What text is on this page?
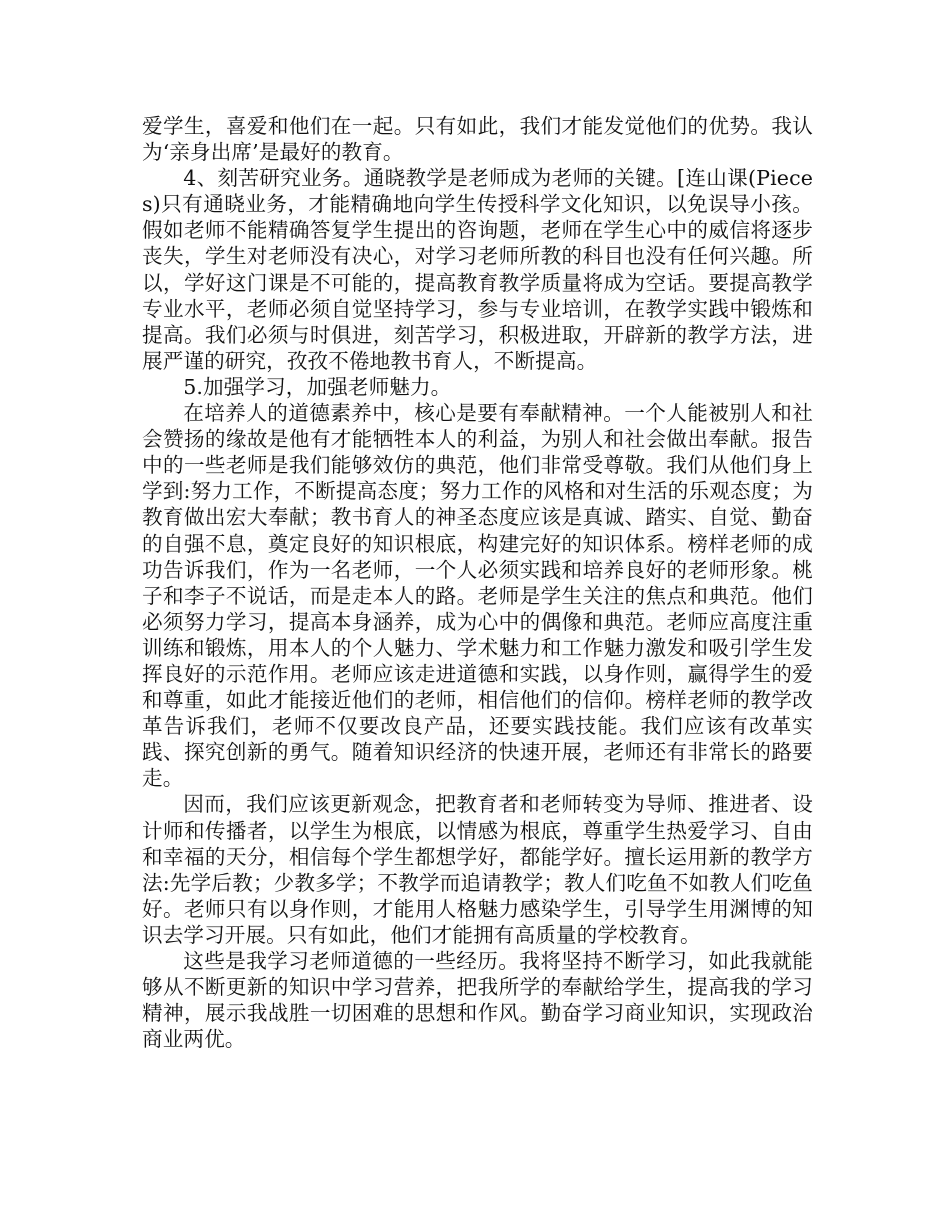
爱学生，喜爱和他们在一起。只有如此，我们才能发觉他们的优势。我认为‘亲身出席’是最好的教育。

4、刻苦研究业务。通晓教学是老师成为老师的关键。[连山课(Pieces)只有通晓业务，才能精确地向学生传授科学文化知识，以免误导小孩。假如老师不能精确答复学生提出的咨询题，老师在学生心中的威信将逐步丧失，学生对老师没有决心，对学习老师所教的科目也没有任何兴趣。所以，学好这门课是不可能的，提高教育教学质量将成为空话。要提高教学专业水平，老师必须自觉坚持学习，参与专业培训，在教学实践中锻炼和提高。我们必须与时俱进，刻苦学习，积极进取，开辟新的教学方法，进展严谨的研究，孜孜不倦地教书育人，不断提高。

5.加强学习，加强老师魅力。

在培养人的道德素养中，核心是要有奉献精神。一个人能被别人和社会赞扬的缘故是他有才能牺牲本人的利益，为别人和社会做出奉献。报告中的一些老师是我们能够效仿的典范，他们非常受尊敬。我们从他们身上学到:努力工作，不断提高态度；努力工作的风格和对生活的乐观态度；为教育做出宏大奉献；教书育人的神圣态度应该是真诚、踏实、自觉、勤奋的自强不息，奠定良好的知识根底，构建完好的知识体系。榜样老师的成功告诉我们，作为一名老师，一个人必须实践和培养良好的老师形象。桃子和李子不说话，而是走本人的路。老师是学生关注的焦点和典范。他们必须努力学习，提高本身涵养，成为心中的偶像和典范。老师应高度注重训练和锻炼，用本人的个人魅力、学术魅力和工作魅力激发和吸引学生发挥良好的示范作用。老师应该走进道德和实践，以身作则，赢得学生的爱和尊重，如此才能接近他们的老师，相信他们的信仰。榜样老师的教学改革告诉我们，老师不仅要改良产品，还要实践技能。我们应该有改革实践、探究创新的勇气。随着知识经济的快速开展，老师还有非常长的路要走。

因而，我们应该更新观念，把教育者和老师转变为导师、推进者、设计师和传播者，以学生为根底，以情感为根底，尊重学生热爱学习、自由和幸福的天分，相信每个学生都想学好，都能学好。擅长运用新的教学方法:先学后教；少教多学；不教学而追请教学；教人们吃鱼不如教人们吃鱼好。老师只有以身作则，才能用人格魅力感染学生，引导学生用渊博的知识去学习开展。只有如此，他们才能拥有高质量的学校教育。

这些是我学习老师道德的一些经历。我将坚持不断学习，如此我就能够从不断更新的知识中学习营养，把我所学的奉献给学生，提高我的学习精神，展示我战胜一切困难的思想和作风。勤奋学习商业知识，实现政治商业两优。
